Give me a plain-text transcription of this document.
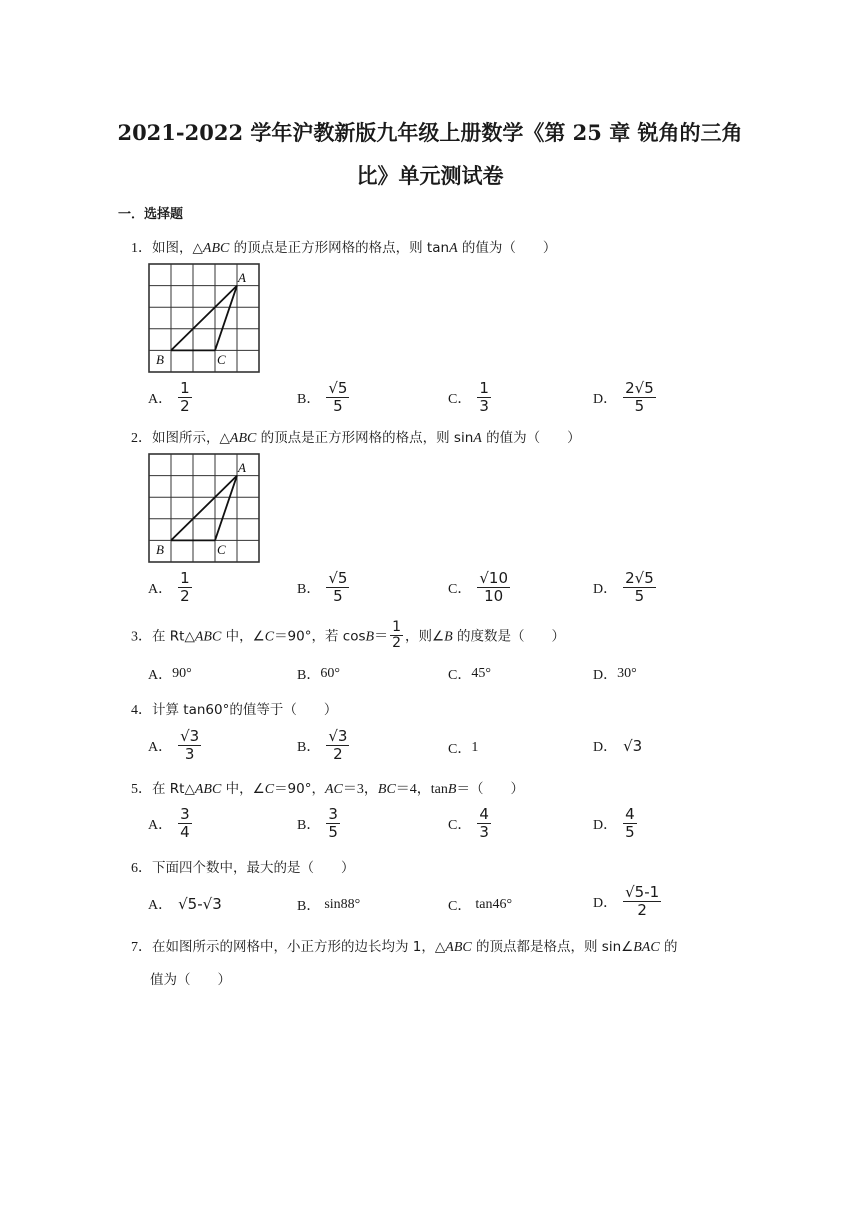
2021-2022 学年沪教新版九年级上册数学《第 25 章 锐角的三角
比》单元测试卷
一．选择题
1．如图，△ABC 的顶点是正方形网格的格点，则 tanA 的值为（　　）
A
B	C
A． $\frac{1}{2}$	B． $\frac{√5}{5}$	C． $\frac{1}{3}$	D． $\frac{2√5}{5}$
2．如图所示，△ABC 的顶点是正方形网格的格点，则 sinA 的值为（　　）
A
B	C
A． $\frac{1}{2}$	B． $\frac{√5}{5}$	C． $\frac{√10}{10}$	D． $\frac{2√5}{5}$
3．在 Rt△ABC 中，∠C＝90°，若 $\cos B= \frac{1}{2}$ ，则∠B 的度数是（　　）
A． 90°	B． 60°	C． 45°	D． 30°
4．计算 tan60°的值等于（　　）
A． $\frac{√3}{3}$	B． $\frac{√3}{2}$	C． 1	D． √3
5．在 Rt△ABC 中，∠C＝90°，AC＝3，BC＝4，tanB＝（　　）
A． $\frac{3}{4}$	B． $\frac{3}{5}$	C． $\frac{4}{3}$	D． $\frac{4}{5}$
6．下面四个数中，最大的是（　　）
A． √5-√3	B． sin88°	C． tan46°	D． $\frac{√5-1}{2}$
7．在如图所示的网格中，小正方形的边长均为 1，△ABC 的顶点都是格点，则 sin∠BAC 的
值为（　　）
